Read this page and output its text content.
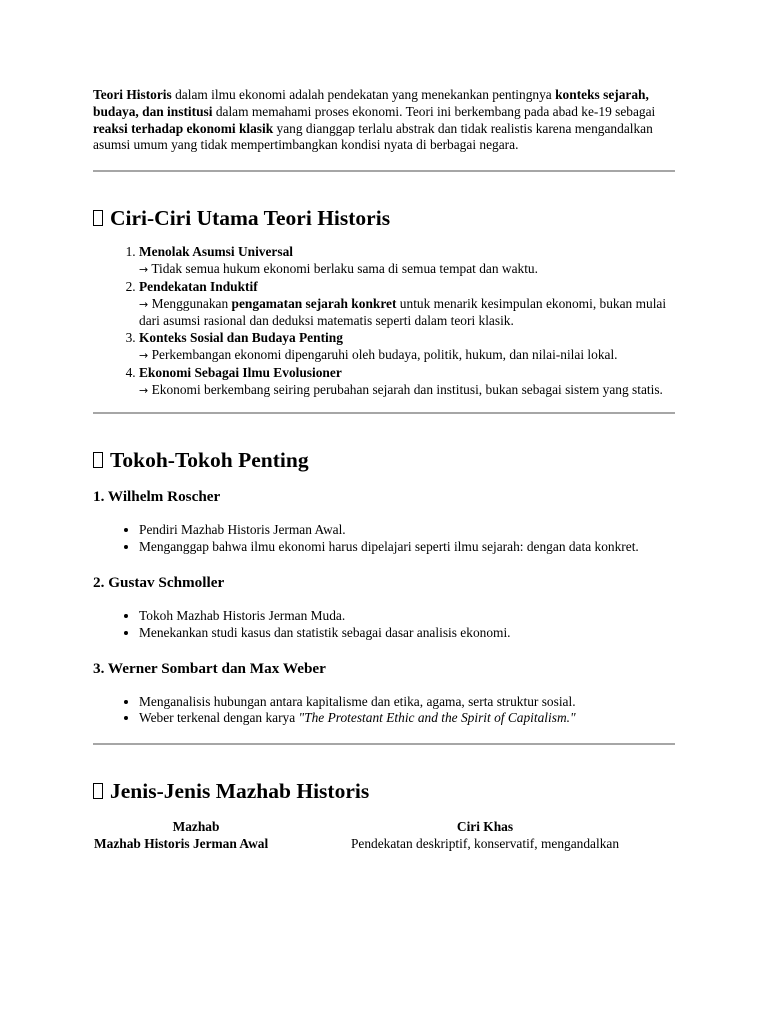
Teori Historis dalam ilmu ekonomi adalah pendekatan yang menekankan pentingnya konteks sejarah, budaya, dan institusi dalam memahami proses ekonomi. Teori ini berkembang pada abad ke-19 sebagai reaksi terhadap ekonomi klasik yang dianggap terlalu abstrak dan tidak realistis karena mengandalkan asumsi umum yang tidak mempertimbangkan kondisi nyata di berbagai negara.

Ciri-Ciri Utama Teori Historis
1. Menolak Asumsi Universal
→ Tidak semua hukum ekonomi berlaku sama di semua tempat dan waktu.
2. Pendekatan Induktif
→ Menggunakan pengamatan sejarah konkret untuk menarik kesimpulan ekonomi, bukan mulai dari asumsi rasional dan deduksi matematis seperti dalam teori klasik.
3. Konteks Sosial dan Budaya Penting
→ Perkembangan ekonomi dipengaruhi oleh budaya, politik, hukum, dan nilai-nilai lokal.
4. Ekonomi Sebagai Ilmu Evolusioner
→ Ekonomi berkembang seiring perubahan sejarah dan institusi, bukan sebagai sistem yang statis.
Tokoh-Tokoh Penting
1. Wilhelm Roscher
• Pendiri Mazhab Historis Jerman Awal.
• Menganggap bahwa ilmu ekonomi harus dipelajari seperti ilmu sejarah: dengan data konkret.
2. Gustav Schmoller
• Tokoh Mazhab Historis Jerman Muda.
• Menekankan studi kasus dan statistik sebagai dasar analisis ekonomi.
3. Werner Sombart dan Max Weber
• Menganalisis hubungan antara kapitalisme dan etika, agama, serta struktur sosial.
• Weber terkenal dengan karya "The Protestant Ethic and the Spirit of Capitalism."
Jenis-Jenis Mazhab Historis
Mazhab	Ciri Khas
Mazhab Historis Jerman Awal	Pendekatan deskriptif, konservatif, mengandalkan
